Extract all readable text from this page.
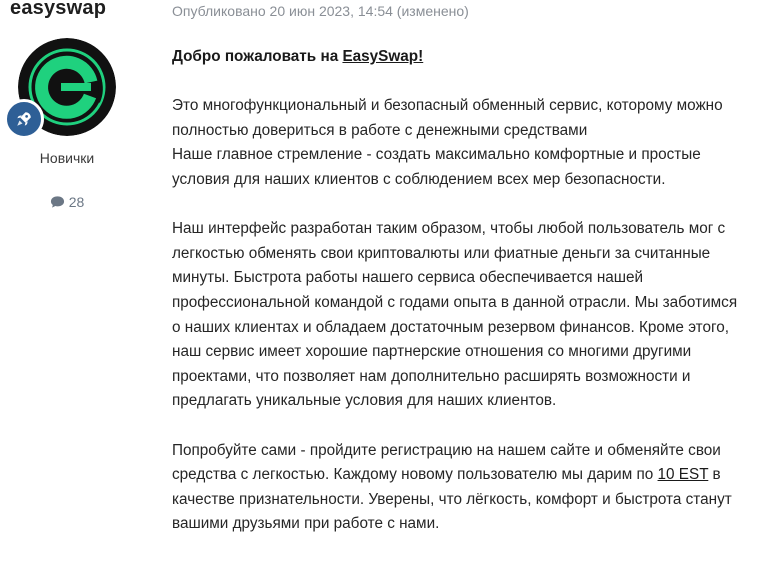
easyswap
Новички
28
Опубликовано 20 июн 2023, 14:54 (изменено)

Добро пожаловать на EasySwap!

Это многофункциональный и безопасный обменный сервис, которому можно
полностью довериться в работе с денежными средствами
Наше главное стремление - создать максимально комфортные и простые
условия для наших клиентов с соблюдением всех мер безопасности.

Наш интерфейс разработан таким образом, чтобы любой пользователь мог с
легкостью обменять свои криптовалюты или фиатные деньги за считанные
минуты. Быстрота работы нашего сервиса обеспечивается нашей
профессиональной командой с годами опыта в данной отрасли. Мы заботимся
о наших клиентах и обладаем достаточным резервом финансов. Кроме этого,
наш сервис имеет хорошие партнерские отношения со многими другими
проектами, что позволяет нам дополнительно расширять возможности и
предлагать уникальные условия для наших клиентов.

Попробуйте сами - пройдите регистрацию на нашем сайте и обменяйте свои
средства с легкостью. Каждому новому пользователю мы дарим по 10 EST в
качестве признательности. Уверены, что лёгкость, комфорт и быстрота станут
вашими друзьями при работе с нами.
